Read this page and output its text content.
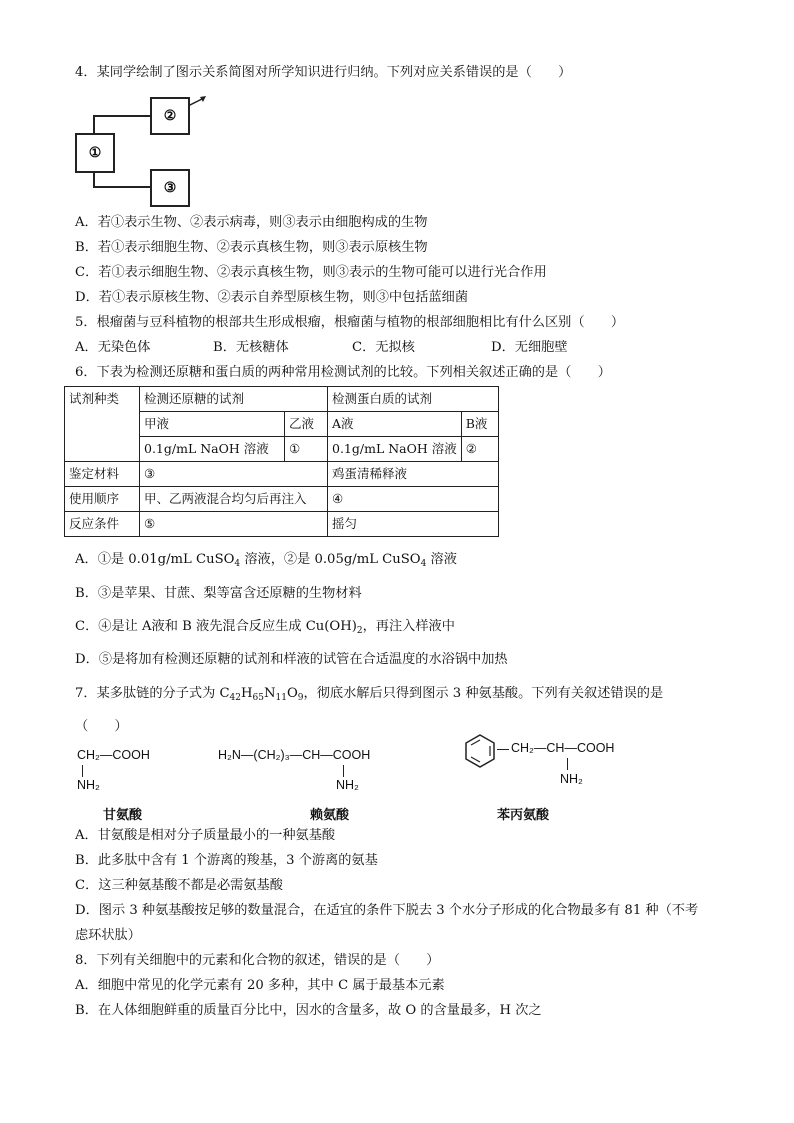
4．某同学绘制了图示关系简图对所学知识进行归纳。下列对应关系错误的是（　　）
①
②
③
A．若①表示生物、②表示病毒，则③表示由细胞构成的生物
B．若①表示细胞生物、②表示真核生物，则③表示原核生物
C．若①表示细胞生物、②表示真核生物，则③表示的生物可能可以进行光合作用
D．若①表示原核生物、②表示自养型原核生物，则③中包括蓝细菌
5．根瘤菌与豆科植物的根部共生形成根瘤，根瘤菌与植物的根部细胞相比有什么区别（　　）
A．无染色体	B．无核糖体	C．无拟核	D．无细胞壁
6．下表为检测还原糖和蛋白质的两种常用检测试剂的比较。下列相关叙述正确的是（　　）
试剂种类	检测还原糖的试剂		检测蛋白质的试剂	
	甲液	乙液	A液	B液
	0.1g/mL NaOH 溶液	①	0.1g/mL NaOH 溶液	②
鉴定材料	③		鸡蛋清稀释液	
使用顺序	甲、乙两液混合均匀后再注入		④	
反应条件	⑤		摇匀	
A．①是 0.01g/mL CuSO$_4$ 溶液，②是 0.05g/mL CuSO$_4$ 溶液
B．③是苹果、甘蔗、梨等富含还原糖的生物材料
C．④是让 A液和 B 液先混合反应生成 $Cu(OH)_2$，再注入样液中
D．⑤是将加有检测还原糖的试剂和样液的试管在合适温度的水浴锅中加热
7．某多肽链的分子式为 $C_{42}H_{65}N_{11}O_9$，彻底水解后只得到图示 3 种氨基酸。下列有关叙述错误的是
（　　）
CH₂—COOH
NH₂
甘氨酸
H₂N—(CH₂)₃—CH—COOH
NH₂
赖氨酸
CH₂—CH—COOH
NH₂
苯丙氨酸
A．甘氨酸是相对分子质量最小的一种氨基酸
B．此多肽中含有 1 个游离的羧基，3 个游离的氨基
C．这三种氨基酸不都是必需氨基酸
D．图示 3 种氨基酸按足够的数量混合，在适宜的条件下脱去 3 个水分子形成的化合物最多有 81 种（不考
虑环状肽）
8．下列有关细胞中的元素和化合物的叙述，错误的是（　　）
A．细胞中常见的化学元素有 20 多种，其中 C 属于最基本元素
B．在人体细胞鲜重的质量百分比中，因水的含量多，故 O 的含量最多，H 次之
